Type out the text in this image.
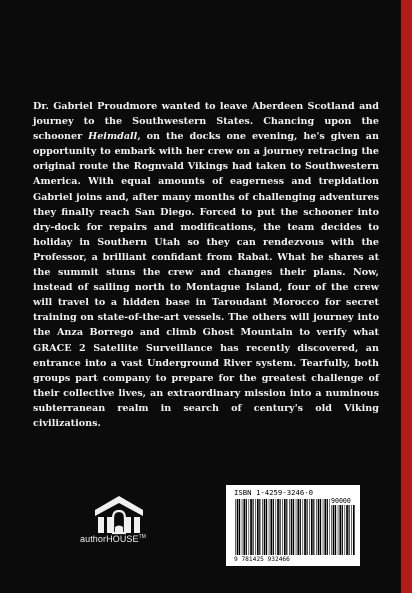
Dr. Gabriel Proudmore wanted to leave Aberdeen Scotland and journey to the Southwestern States. Chancing upon the schooner Heimdall, on the docks one evening, he's given an opportunity to embark with her crew on a journey retracing the original route the Rognvald Vikings had taken to Southwestern America. With equal amounts of eagerness and trepidation Gabriel joins and, after many months of challenging adventures they finally reach San Diego. Forced to put the schooner into dry-dock for repairs and modifications, the team decides to holiday in Southern Utah so they can rendezvous with the Professor, a brilliant confidant from Rabat. What he shares at the summit stuns the crew and changes their plans. Now, instead of sailing north to Montague Island, four of the crew will travel to a hidden base in Taroudant Morocco for secret training on state-of-the-art vessels. The others will journey into the Anza Borrego and climb Ghost Mountain to verify what GRACE 2 Satellite Surveillance has recently discovered, an entrance into a vast Underground River system. Tearfully, both groups part company to prepare for the greatest challenge of their collective lives, an extraordinary mission into a numinous subterranean realm in search of century's old Viking civilizations.

authorHOUSE™
ISBN 1-4259-3246-0
90000
9 781425 932466
